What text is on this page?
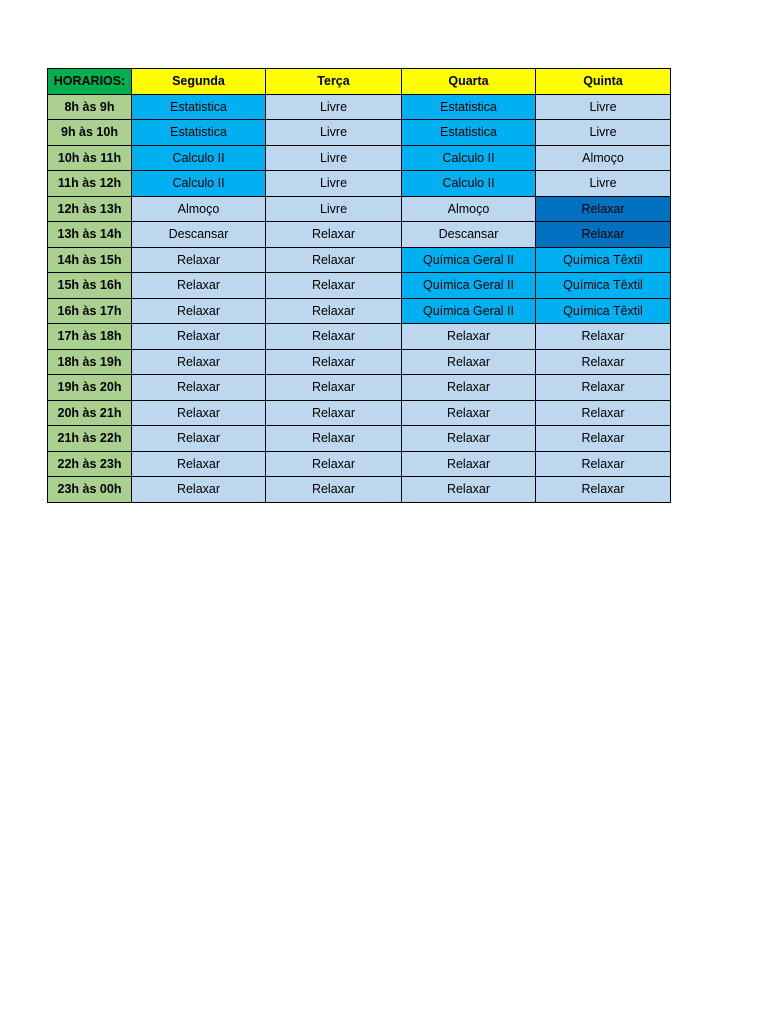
HORARIOS:	Segunda	Terça	Quarta	Quinta
8h às 9h	Estatistica	Livre	Estatistica	Livre
9h às 10h	Estatistica	Livre	Estatistica	Livre
10h às 11h	Calculo II	Livre	Calculo II	Almoço
11h às 12h	Calculo II	Livre	Calculo II	Livre
12h às 13h	Almoço	Livre	Almoço	Relaxar
13h às 14h	Descansar	Relaxar	Descansar	Relaxar
14h às 15h	Relaxar	Relaxar	Química Geral II	Química Têxtil
15h às 16h	Relaxar	Relaxar	Química Geral II	Química Têxtil
16h às 17h	Relaxar	Relaxar	Química Geral II	Química Têxtil
17h às 18h	Relaxar	Relaxar	Relaxar	Relaxar
18h às 19h	Relaxar	Relaxar	Relaxar	Relaxar
19h às 20h	Relaxar	Relaxar	Relaxar	Relaxar
20h às 21h	Relaxar	Relaxar	Relaxar	Relaxar
21h às 22h	Relaxar	Relaxar	Relaxar	Relaxar
22h às 23h	Relaxar	Relaxar	Relaxar	Relaxar
23h às 00h	Relaxar	Relaxar	Relaxar	Relaxar
